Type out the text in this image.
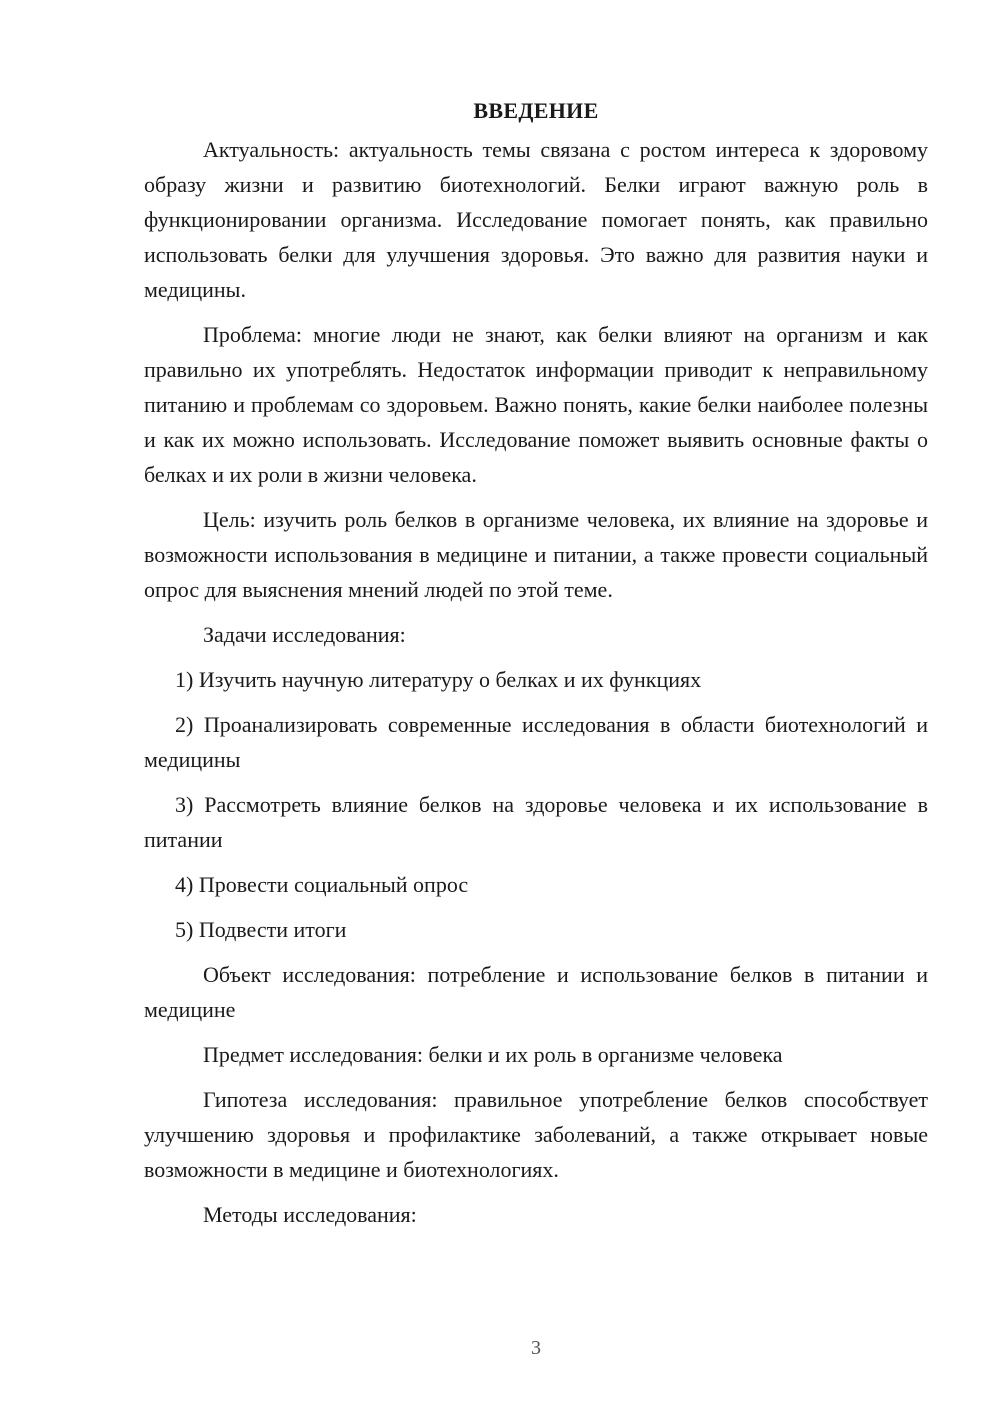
ВВЕДЕНИЕ

Актуальность: актуальность темы связана с ростом интереса к здоровому образу жизни и развитию биотехнологий. Белки играют важную роль в функционировании организма. Исследование помогает понять, как правильно использовать белки для улучшения здоровья. Это важно для развития науки и медицины.

Проблема: многие люди не знают, как белки влияют на организм и как правильно их употреблять. Недостаток информации приводит к неправильному питанию и проблемам со здоровьем. Важно понять, какие белки наиболее полезны и как их можно использовать. Исследование поможет выявить основные факты о белках и их роли в жизни человека.

Цель: изучить роль белков в организме человека, их влияние на здоровье и возможности использования в медицине и питании, а также провести социальный опрос для выяснения мнений людей по этой теме.

Задачи исследования:

1) Изучить научную литературу о белках и их функциях

2) Проанализировать современные исследования в области биотехнологий и медицины

3) Рассмотреть влияние белков на здоровье человека и их использование в питании

4) Провести социальный опрос

5) Подвести итоги

Объект исследования: потребление и использование белков в питании и медицине

Предмет исследования: белки и их роль в организме человека

Гипотеза исследования: правильное употребление белков способствует улучшению здоровья и профилактике заболеваний, а также открывает новые возможности в медицине и биотехнологиях.

Методы исследования:

3
